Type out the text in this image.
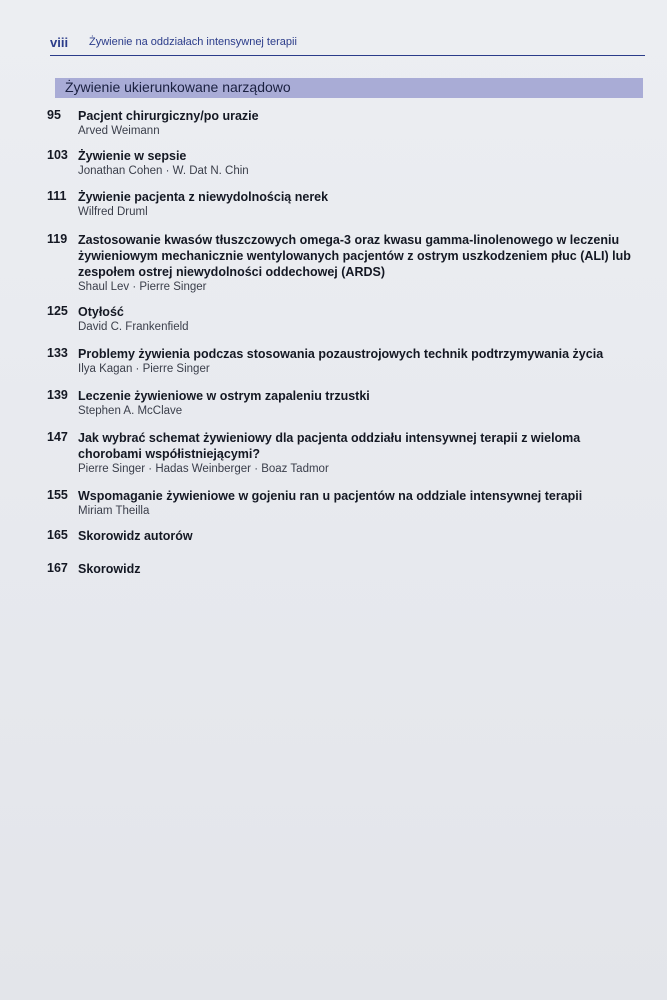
viii Żywienie na oddziałach intensywnej terapii
Żywienie ukierunkowane narządowo
95	Pacjent chirurgiczny/po urazie

Arved Weimann

103 Żywienie w sepsie

Jonathan Cohen · W. Dat N. Chin

111 Żywienie pacjenta z niewydolnością nerek

Wilfred Druml

119 Zastosowanie kwasów tłuszczowych omega-3 oraz kwasu gamma-linolenowego w leczeniu żywieniowym mechanicznie wentylowanych pacjentów z ostrym uszkodzeniem płuc (ALI) lub zespołem ostrej niewydolności oddechowej (ARDS)

Shaul Lev · Pierre Singer

125 Otyłość

David C. Frankenfield

133 Problemy żywienia podczas stosowania pozaustrojowych technik podtrzymywania życia

Ilya Kagan · Pierre Singer

139 Leczenie żywieniowe w ostrym zapaleniu trzustki

Stephen A. McClave

147 Jak wybrać schemat żywieniowy dla pacjenta oddziału intensywnej terapii z wieloma chorobami współistniejącymi?

Pierre Singer · Hadas Weinberger · Boaz Tadmor

155 Wspomaganie żywieniowe w gojeniu ran u pacjentów na oddziale intensywnej terapii

Miriam Theilla

165 Skorowidz autorów

167 Skorowidz
